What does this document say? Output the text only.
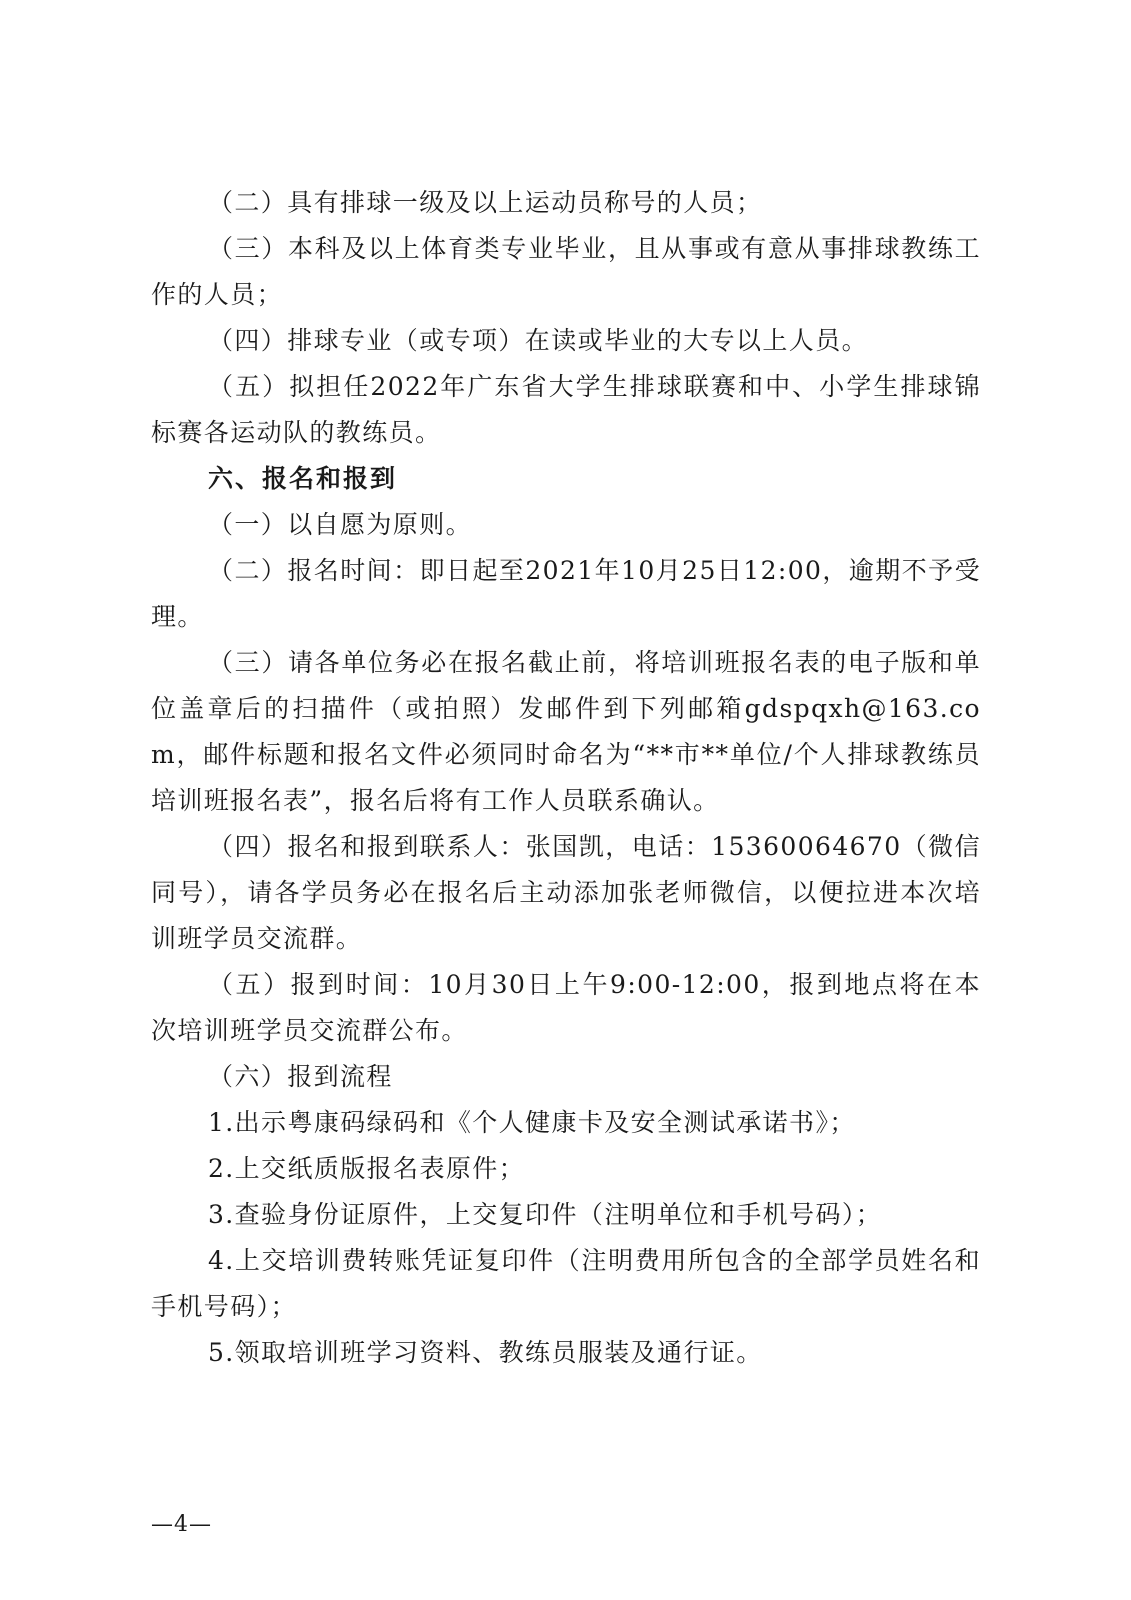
（二）具有排球一级及以上运动员称号的人员；

（三）本科及以上体育类专业毕业，且从事或有意从事排球教练工作的人员；

（四）排球专业（或专项）在读或毕业的大专以上人员。

（五）拟担任2022年广东省大学生排球联赛和中、小学生排球锦标赛各运动队的教练员。

六、报名和报到

（一）以自愿为原则。

（二）报名时间：即日起至2021年10月25日12:00，逾期不予受理。

（三）请各单位务必在报名截止前，将培训班报名表的电子版和单位盖章后的扫描件（或拍照）发邮件到下列邮箱gdspqxh@163.com，邮件标题和报名文件必须同时命名为“**市**单位/个人排球教练员培训班报名表”，报名后将有工作人员联系确认。

（四）报名和报到联系人：张国凯，电话：15360064670（微信同号），请各学员务必在报名后主动添加张老师微信，以便拉进本次培训班学员交流群。

（五）报到时间：10月30日上午9:00-12:00，报到地点将在本次培训班学员交流群公布。

（六）报到流程

1.出示粤康码绿码和《个人健康卡及安全测试承诺书》；

2.上交纸质版报名表原件；

3.查验身份证原件，上交复印件（注明单位和手机号码）；

4.上交培训费转账凭证复印件（注明费用所包含的全部学员姓名和手机号码）；

5.领取培训班学习资料、教练员服装及通行证。

—4—
